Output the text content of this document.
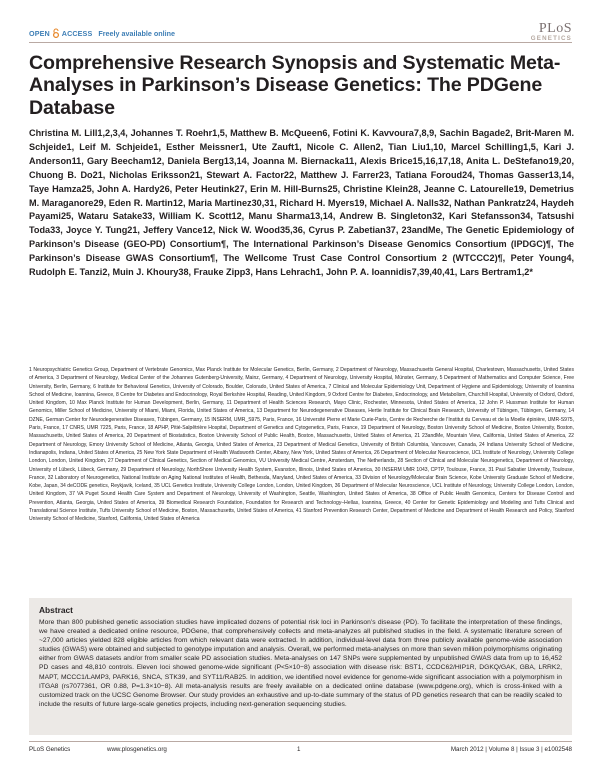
OPEN ACCESS Freely available online	PLoS
GENETICS
Comprehensive Research Synopsis and Systematic Meta-Analyses in Parkinson’s Disease Genetics: The PDGene Database

Christina M. Lill1,2,3,4, Johannes T. Roehr1,5, Matthew B. McQueen6, Fotini K. Kavvoura7,8,9, Sachin Bagade2, Brit-Maren M. Schjeide1, Leif M. Schjeide1, Esther Meissner1, Ute Zauft1, Nicole C. Allen2, Tian Liu1,10, Marcel Schilling1,5, Kari J. Anderson11, Gary Beecham12, Daniela Berg13,14, Joanna M. Biernacka11, Alexis Brice15,16,17,18, Anita L. DeStefano19,20, Chuong B. Do21, Nicholas Eriksson21, Stewart A. Factor22, Matthew J. Farrer23, Tatiana Foroud24, Thomas Gasser13,14, Taye Hamza25, John A. Hardy26, Peter Heutink27, Erin M. Hill-Burns25, Christine Klein28, Jeanne C. Latourelle19, Demetrius M. Maraganore29, Eden R. Martin12, Maria Martinez30,31, Richard H. Myers19, Michael A. Nalls32, Nathan Pankratz24, Haydeh Payami25, Wataru Satake33, William K. Scott12, Manu Sharma13,14, Andrew B. Singleton32, Kari Stefansson34, Tatsushi Toda33, Joyce Y. Tung21, Jeffery Vance12, Nick W. Wood35,36, Cyrus P. Zabetian37, 23andMe, The Genetic Epidemiology of Parkinson’s Disease (GEO-PD) Consortium¶, The International Parkinson’s Disease Genomics Consortium (IPDGC)¶, The Parkinson’s Disease GWAS Consortium¶, The Wellcome Trust Case Control Consortium 2 (WTCCC2)¶, Peter Young4, Rudolph E. Tanzi2, Muin J. Khoury38, Frauke Zipp3, Hans Lehrach1, John P. A. Ioannidis7,39,40,41, Lars Bertram1,2*

1 Neuropsychiatric Genetics Group, Department of Vertebrate Genomics, Max Planck Institute for Molecular Genetics, Berlin, Germany, 2 Department of Neurology, Massachusetts General Hospital, Charlestown, Massachusetts, United States of America, 3 Department of Neurology, Medical Center of the Johannes Gutenberg-University, Mainz, Germany, 4 Department of Neurology, University Hospital, Münster, Germany, 5 Department of Mathematics and Computer Science, Free University, Berlin, Germany, 6 Institute for Behavioral Genetics, University of Colorado, Boulder, Colorado, United States of America, 7 Clinical and Molecular Epidemiology Unit, Department of Hygiene and Epidemiology, University of Ioannina School of Medicine, Ioannina, Greece, 8 Centre for Diabetes and Endocrinology, Royal Berkshire Hospital, Reading, United Kingdom, 9 Oxford Centre for Diabetes, Endocrinology, and Metabolism, Churchill Hospital, University of Oxford, Oxford, United Kingdom, 10 Max Planck Institute for Human Development, Berlin, Germany, 11 Department of Health Sciences Research, Mayo Clinic, Rochester, Minnesota, United States of America, 12 John P. Hussman Institute for Human Genomics, Miller School of Medicine, University of Miami, Miami, Florida, United States of America, 13 Department for Neurodegenerative Diseases, Hertie Institute for Clinical Brain Research, University of Tübingen, Tübingen, Germany, 14 DZNE, German Center for Neurodegenerative Diseases, Tübingen, Germany, 15 INSERM, UMR_S975, Paris, France, 16 Université Pierre et Marie Curie-Paris, Centre de Recherche de l’Institut du Cerveau et de la Moelle épinière, UMR-S975, Paris, France, 17 CNRS, UMR 7225, Paris, France, 18 APHP, Pitié-Salpêtrière Hospital, Department of Genetics and Cytogenetics, Paris, France, 19 Department of Neurology, Boston University School of Medicine, Boston University, Boston, Massachusetts, United States of America, 20 Department of Biostatistics, Boston University School of Public Health, Boston, Massachusetts, United States of America, 21 23andMe, Mountain View, California, United States of America, 22 Department of Neurology, Emory University School of Medicine, Atlanta, Georgia, United States of America, 23 Department of Medical Genetics, University of British Columbia, Vancouver, Canada, 24 Indiana University School of Medicine, Indianapolis, Indiana, United States of America, 25 New York State Department of Health Wadsworth Center, Albany, New York, United States of America, 26 Department of Molecular Neuroscience, UCL Institute of Neurology, University College London, London, United Kingdom, 27 Department of Clinical Genetics, Section of Medical Genomics, VU University Medical Centre, Amsterdam, The Netherlands, 28 Section of Clinical and Molecular Neurogenetics, Department of Neurology, University of Lübeck, Lübeck, Germany, 29 Department of Neurology, NorthShore University Health System, Evanston, Illinois, United States of America, 30 INSERM UMR 1043, CPTP, Toulouse, France, 31 Paul Sabatier University, Toulouse, France, 32 Laboratory of Neurogenetics, National Institute on Aging National Institutes of Health, Bethesda, Maryland, United States of America, 33 Division of Neurology/Molecular Brain Science, Kobe University Graduate School of Medicine, Kobe, Japan, 34 deCODE genetics, Reykjavik, Iceland, 35 UCL Genetics Institute, University College London, London, United Kingdom, 36 Department of Molecular Neuroscience, UCL Institute of Neurology, University College London, London, United Kingdom, 37 VA Puget Sound Health Care System and Department of Neurology, University of Washington, Seattle, Washington, United States of America, 38 Office of Public Health Genomics, Centers for Disease Control and Prevention, Atlanta, Georgia, United States of America, 39 Biomedical Research Foundation, Foundation for Research and Technology–Hellas, Ioannina, Greece, 40 Center for Genetic Epidemiology and Modeling and Tufts Clinical and Translational Science Institute, Tufts University School of Medicine, Boston, Massachusetts, United States of America, 41 Stanford Prevention Research Center, Department of Medicine and Department of Health Research and Policy, Stanford University School of Medicine, Stanford, California, United States of America

Abstract

More than 800 published genetic association studies have implicated dozens of potential risk loci in Parkinson’s disease (PD). To facilitate the interpretation of these findings, we have created a dedicated online resource, PDGene, that comprehensively collects and meta-analyzes all published studies in the field. A systematic literature screen of ~27,000 articles yielded 828 eligible articles from which relevant data were extracted. In addition, individual-level data from three publicly available genome-wide association studies (GWAS) were obtained and subjected to genotype imputation and analysis. Overall, we performed meta-analyses on more than seven million polymorphisms originating either from GWAS datasets and/or from smaller scale PD association studies. Meta-analyses on 147 SNPs were supplemented by unpublished GWAS data from up to 16,452 PD cases and 48,810 controls. Eleven loci showed genome-wide significant (P<5×10−8) association with disease risk: BST1, CCDC62/HIP1R, DGKQ/GAK, GBA, LRRK2, MAPT, MCCC1/LAMP3, PARK16, SNCA, STK39, and SYT11/RAB25. In addition, we identified novel evidence for genome-wide significant association with a polymorphism in ITGA8 (rs7077361, OR 0.88, P=1.3×10−8). All meta-analysis results are freely available on a dedicated online database (www.pdgene.org), which is cross-linked with a customized track on the UCSC Genome Browser. Our study provides an exhaustive and up-to-date summary of the status of PD genetics research that can be readily scaled to include the results of future large-scale genetics projects, including next-generation sequencing studies.

PLoS Genetics	www.plosgenetics.org	1	March 2012 | Volume 8 | Issue 3 | e1002548
